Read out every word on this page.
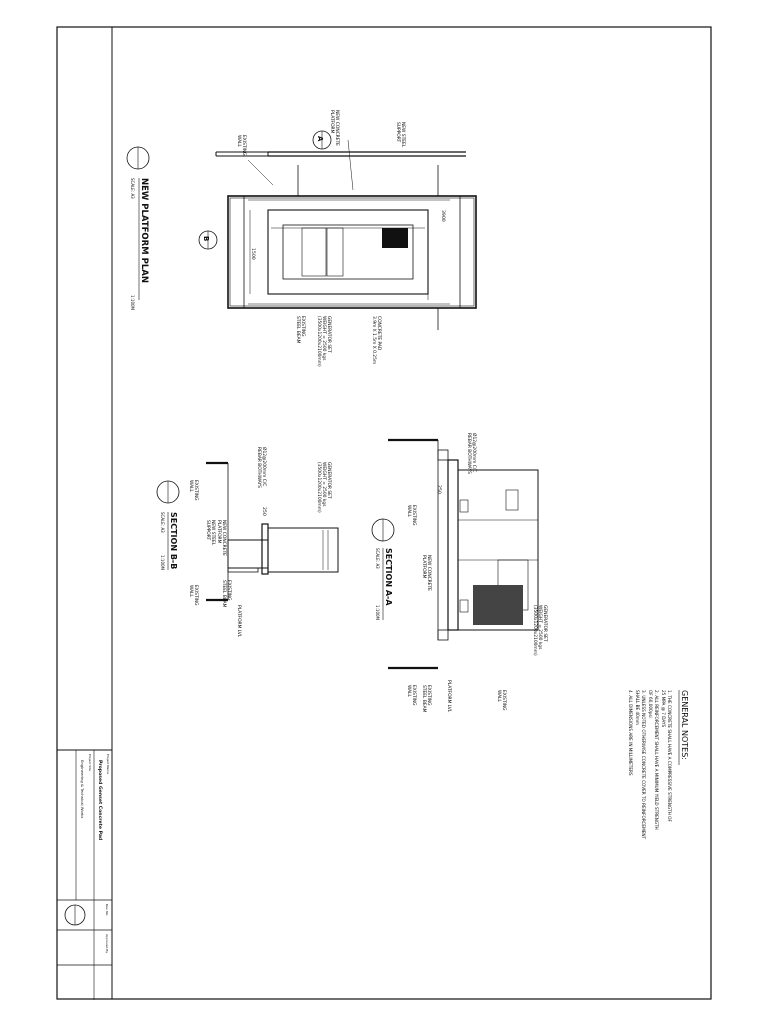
Project Name
Proposed Genset Concrete Pad
Project Site
Engineering & Technical Works
Rev. No.
Approved By
1500
3900
A
B
EXISTING
WALL	NEW CONCRETE
PLATFORM
NEW STEEL
SUPPORT
EXISTING
STEEL BEAM	GENERATOR SET
WEIGHT = 2500 kgs
(3500x1200x2100mm)	CONCRETE PAD
3.9m X 1.5m X 0.25m
NEW PLATFORM PLAN
SCALE: A3
1:100M
250
Ø12@200mm C/C
REBAR BOTHWAYS	GENERATOR SET
WEIGHT = 2500 kgs
(3500x1200x2100mm)
EXISTING
WALL
NEW STEEL
SUPPORT	NEW CONCRETE
PLATFORM
EXISTING
STEEL BEAM
EXISTING
WALL
PLATFORM LVL
SECTION B-B
SCALE: A3
1:100M
250
Ø12@200mm C/C
REBAR BOTHWAYS
EXISTING
WALL
NEW CONCRETE
PLATFORM
GENERATOR SET
WEIGHT = 2500 kgs
(3500x1200x2100mm)
EXISTING
WALL
EXISTING
STEEL BEAM
EXISTING
WALL	PLATFORM LVL
SECTION A-A
SCALE: A3
1:100M
GENERAL NOTES:
1. THE CONCRETE SHALL HAVE A COMPRESSIVE STRENGTH OF
25 MPA @ 7 DAYS
2. ALL REINFORCEMENT SHALL HAVE A MINIMUM YIELD STRENGTH
OF 60,000psi
3. UNLESS NOTED OTHERWISE CONCRETE COVER TO REINFORCEMENT
SHALL BE 40mm
4. ALL DIMENSIONS ARE IN MILLIMETERS
